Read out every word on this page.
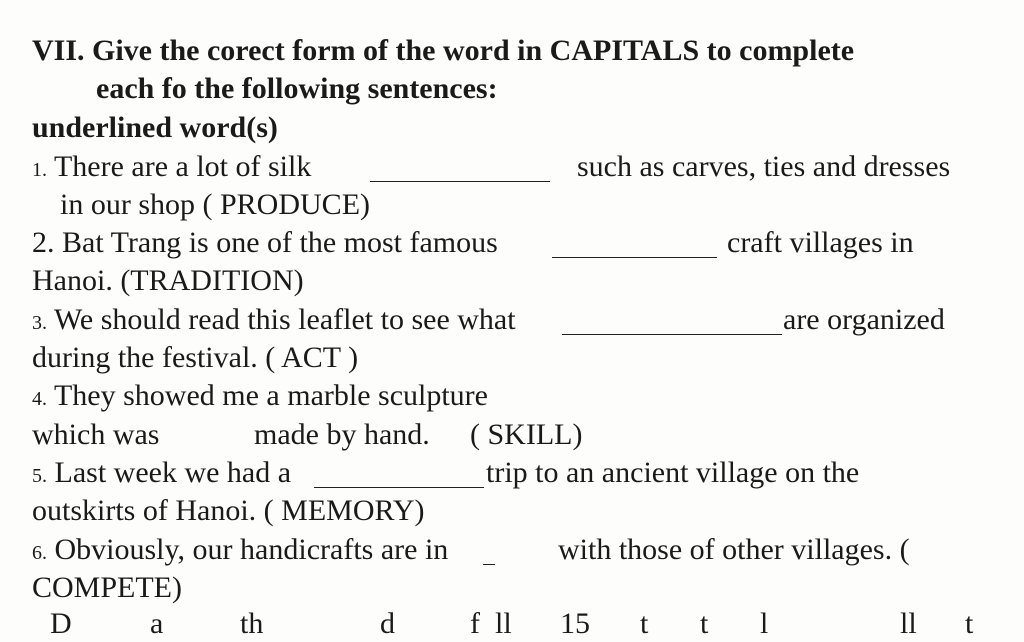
VII. Give the corect form of the word in CAPITALS to complete
each fo the following sentences:
underlined word(s)
1. There are a lot of silk	such as carves, ties and dresses
in our shop ( PRODUCE)
2. Bat Trang is one of the most famous	craft villages in
Hanoi. (TRADITION)
3. We should read this leaflet to see what	are organized
during the festival. ( ACT )
4. They showed me a marble sculpture
which was	made by hand. ( SKILL)
5. Last week we had a	trip to an ancient village on the
outskirts of Hanoi. ( MEMORY)
6. Obviously, our handicrafts are in	with those of other villages. (
COMPETE)
D	a	th	d	f ll 15 t t l	ll t
